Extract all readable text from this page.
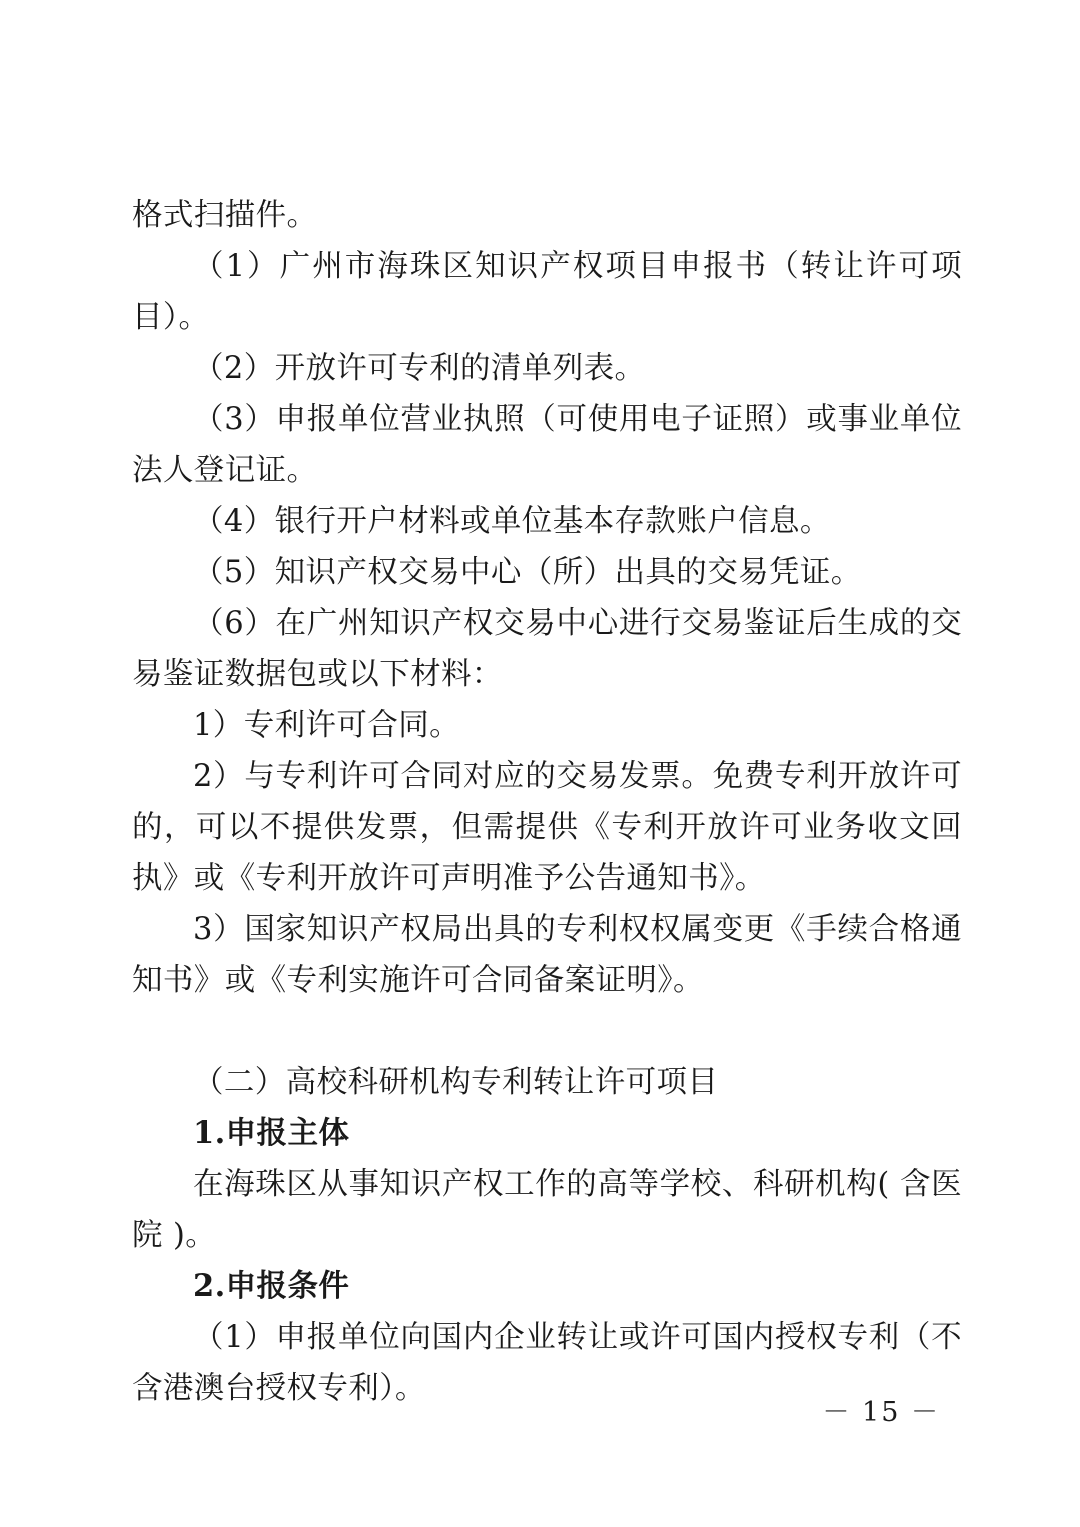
格式扫描件。

（1）广州市海珠区知识产权项目申报书（转让许可项目）。

（2）开放许可专利的清单列表。

（3）申报单位营业执照（可使用电子证照）或事业单位法人登记证。

（4）银行开户材料或单位基本存款账户信息。

（5）知识产权交易中心（所）出具的交易凭证。

（6）在广州知识产权交易中心进行交易鉴证后生成的交易鉴证数据包或以下材料：

1）专利许可合同。

2）与专利许可合同对应的交易发票。免费专利开放许可的，可以不提供发票，但需提供《专利开放许可业务收文回执》或《专利开放许可声明准予公告通知书》。

3）国家知识产权局出具的专利权权属变更《手续合格通知书》或《专利实施许可合同备案证明》。

（二）高校科研机构专利转让许可项目

1.申报主体

在海珠区从事知识产权工作的高等学校、科研机构( 含医院 )。

2.申报条件

（1）申报单位向国内企业转让或许可国内授权专利（不含港澳台授权专利）。

－ 15 －
